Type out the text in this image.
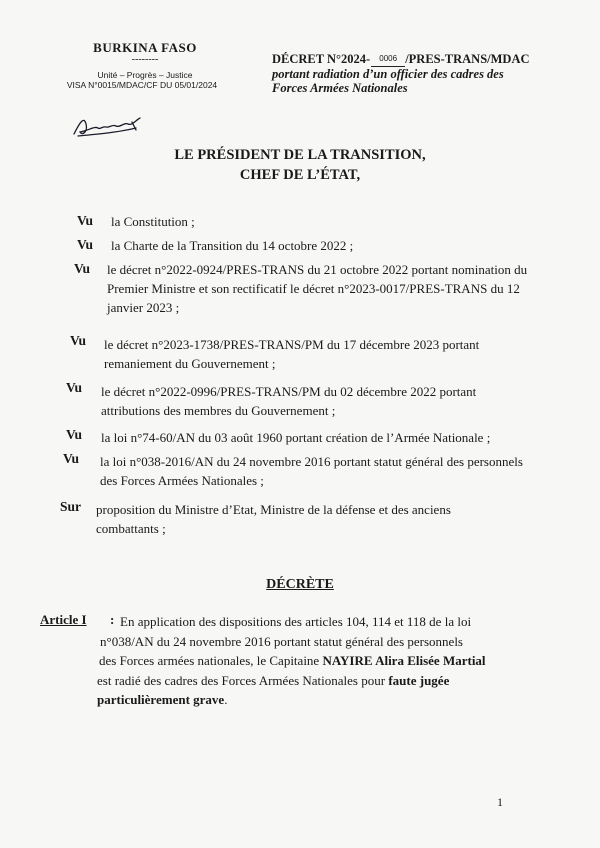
BURKINA FASO
--------
Unité – Progrès – Justice
VISA N°0015/MDAC/CF DU 05/01/2024
DÉCRET N°2024- 0006 /PRES-TRANS/MDAC
portant radiation d’un officier des cadres des
Forces Armées Nationales
LE PRÉSIDENT DE LA TRANSITION,
CHEF DE L’ÉTAT,
Vu la Constitution ;
Vu la Charte de la Transition du 14 octobre 2022 ;
Vu le décret n°2022-0924/PRES-TRANS du 21 octobre 2022 portant nomination du
Premier Ministre et son rectificatif le décret n°2023-0017/PRES-TRANS du 12
janvier 2023 ;
Vu le décret n°2023-1738/PRES-TRANS/PM du 17 décembre 2023 portant
remaniement du Gouvernement ;
Vu le décret n°2022-0996/PRES-TRANS/PM du 02 décembre 2022 portant
attributions des membres du Gouvernement ;
Vu la loi n°74-60/AN du 03 août 1960 portant création de l’Armée Nationale ;
Vu la loi n°038-2016/AN du 24 novembre 2016 portant statut général des personnels
des Forces Armées Nationales ;
Sur proposition du Ministre d’Etat, Ministre de la défense et des anciens
combattants ;
DÉCRÈTE
Article I : En application des dispositions des articles 104, 114 et 118 de la loi
n°038/AN du 24 novembre 2016 portant statut général des personnels
des Forces armées nationales, le Capitaine NAYIRE Alira Elisée Martial
est radié des cadres des Forces Armées Nationales pour faute jugée
particulièrement grave.
1
